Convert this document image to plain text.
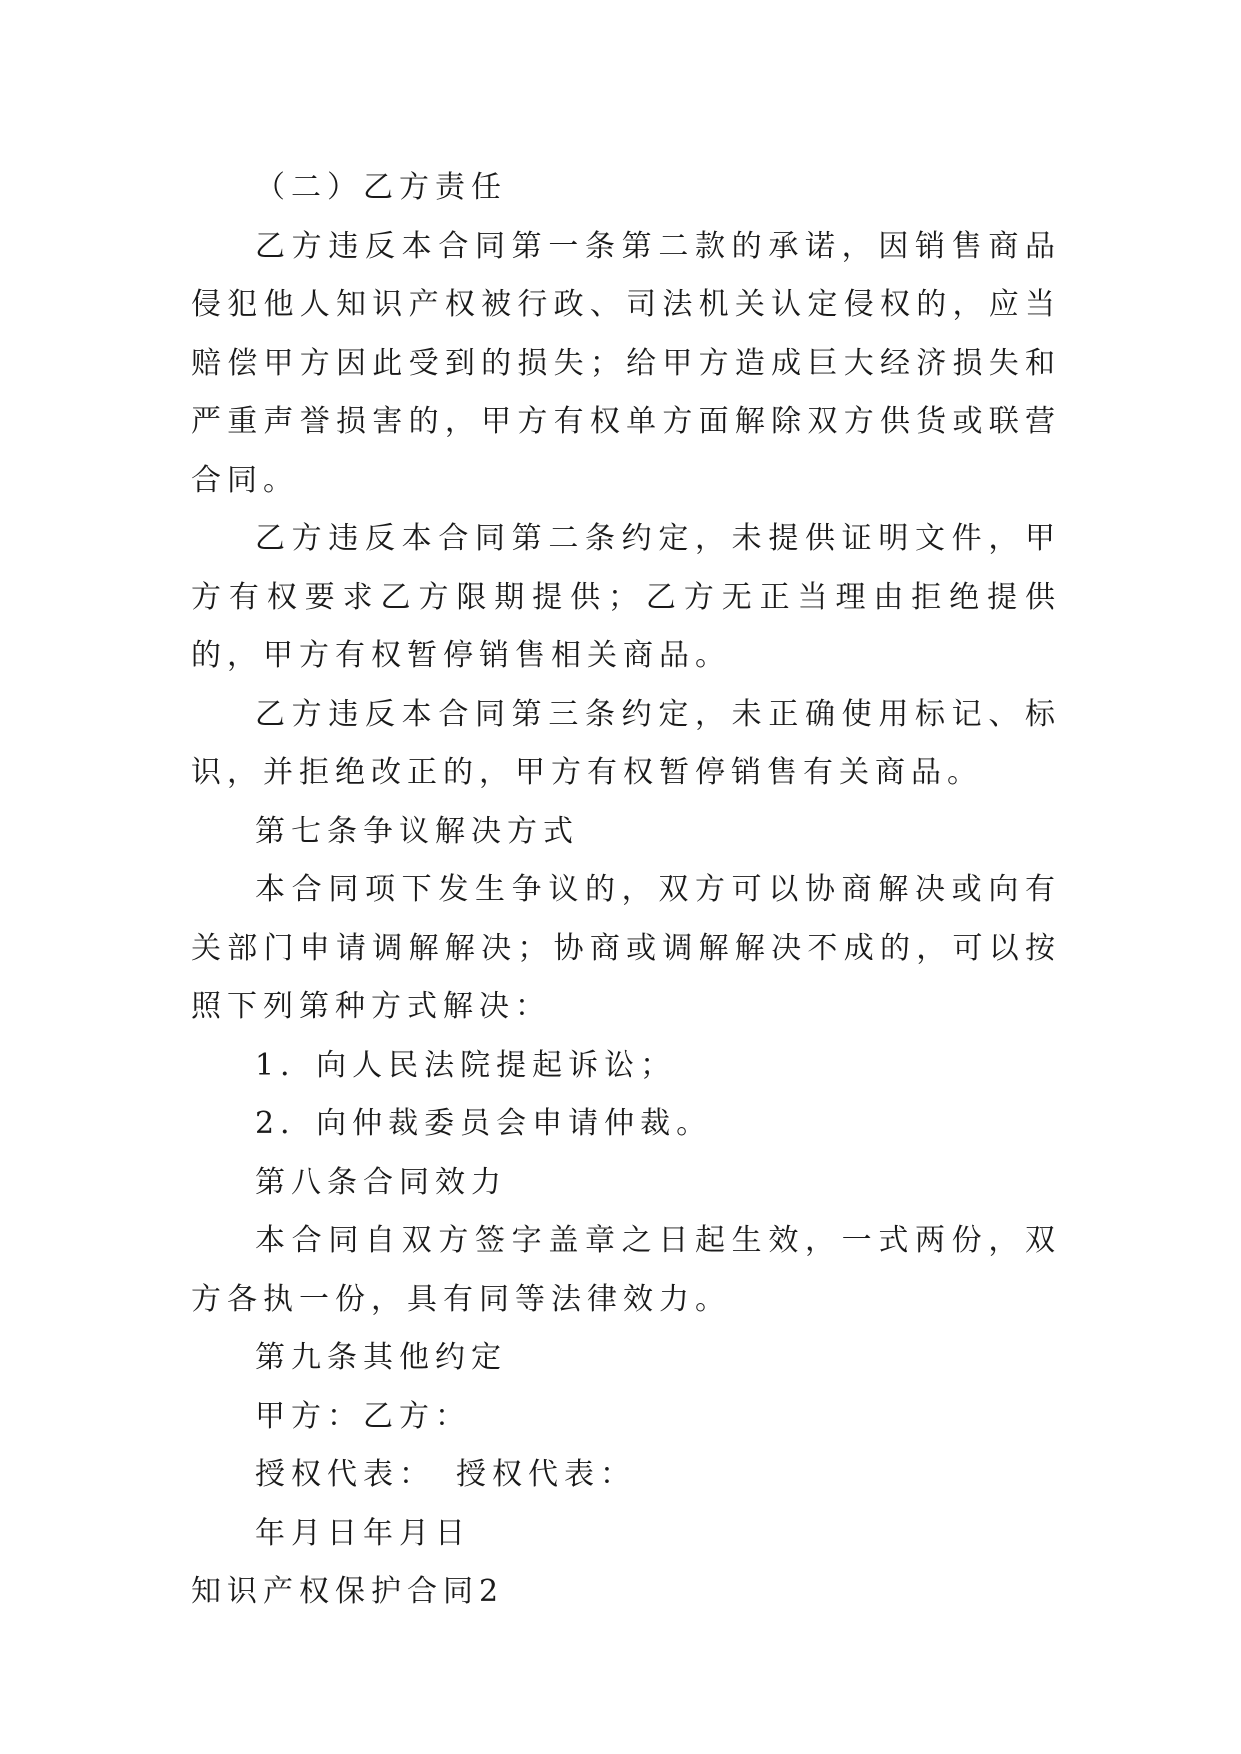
（二）乙方责任

乙方违反本合同第一条第二款的承诺，因销售商品侵犯他人知识产权被行政、司法机关认定侵权的，应当赔偿甲方因此受到的损失；给甲方造成巨大经济损失和严重声誉损害的，甲方有权单方面解除双方供货或联营合同。

乙方违反本合同第二条约定，未提供证明文件，甲方有权要求乙方限期提供；乙方无正当理由拒绝提供的，甲方有权暂停销售相关商品。

乙方违反本合同第三条约定，未正确使用标记、标识，并拒绝改正的，甲方有权暂停销售有关商品。

第七条争议解决方式

本合同项下发生争议的，双方可以协商解决或向有关部门申请调解解决；协商或调解解决不成的，可以按照下列第种方式解决：

1．向人民法院提起诉讼；

2．向仲裁委员会申请仲裁。

第八条合同效力

本合同自双方签字盖章之日起生效，一式两份，双方各执一份，具有同等法律效力。

第九条其他约定

甲方：乙方：

授权代表：　授权代表：

年月日年月日

知识产权保护合同2
